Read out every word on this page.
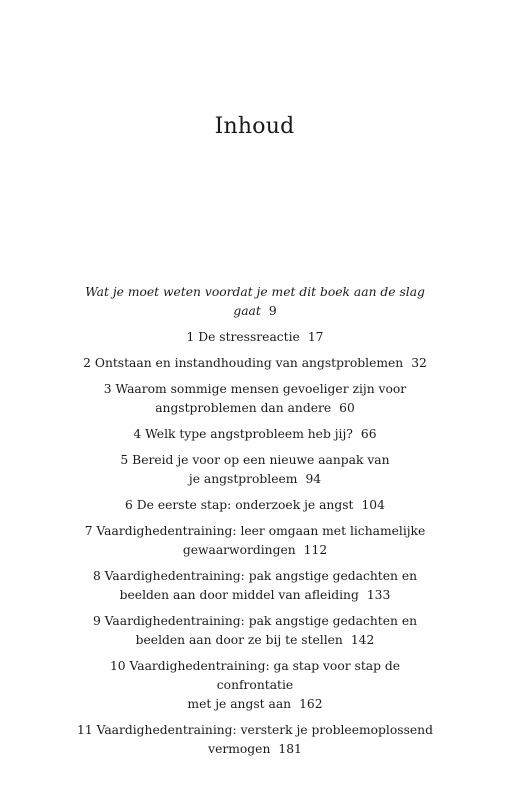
Inhoud
Wat je moet weten voordat je met dit boek aan de slag gaat 9
1 De stressreactie 17
2 Ontstaan en instandhouding van angstproblemen 32
3 Waarom sommige mensen gevoeliger zijn voor
angstproblemen dan andere 60
4 Welk type angstprobleem heb jij? 66
5 Bereid je voor op een nieuwe aanpak van
je angstprobleem 94
6 De eerste stap: onderzoek je angst 104
7 Vaardighedentraining: leer omgaan met lichamelijke
gewaarwordingen 112
8 Vaardighedentraining: pak angstige gedachten en
beelden aan door middel van afleiding 133
9 Vaardighedentraining: pak angstige gedachten en
beelden aan door ze bij te stellen 142
10 Vaardighedentraining: ga stap voor stap de confrontatie
met je angst aan 162
11 Vaardighedentraining: versterk je probleemoplossend
vermogen 181
